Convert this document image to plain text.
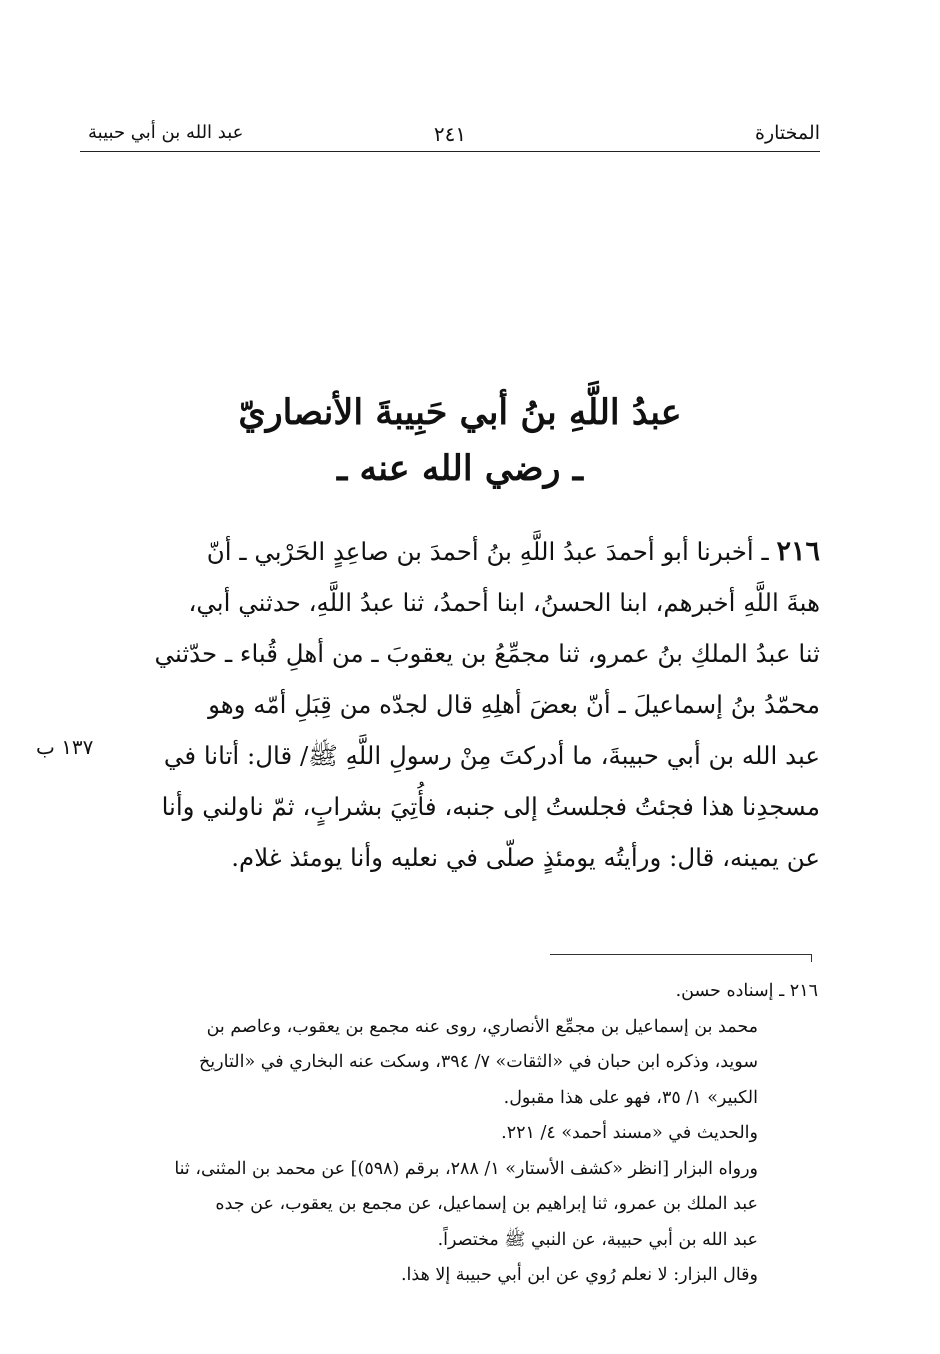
المختارة
٢٤١
عبد الله بن أبي حبيبة
عبدُ اللَّهِ بنُ أبي حَبِيبةَ الأنصاريّ
ـ رضي الله عنه ـ
٢١٦ ـ أخبرنا أبو أحمدَ عبدُ اللَّهِ بنُ أحمدَ بن صاعِدٍ الحَرْبي ـ أنّ
هبةَ اللَّهِ أخبرهم، ابنا الحسنُ، ابنا أحمدُ، ثنا عبدُ اللَّهِ، حدثني أبي،
ثنا عبدُ الملكِ بنُ عمرو، ثنا مجمِّعُ بن يعقوبَ ـ من أهلِ قُباء ـ حدّثني
محمّدُ بنُ إسماعيلَ ـ أنّ بعضَ أهلِهِ قال لجدّه من قِبَلِ أمّه وهو
عبد الله بن أبي حبيبةَ، ما أدركتَ مِنْ رسولِ اللَّهِ ﷺ/ قال: أتانا في
مسجدِنا هذا فجئتُ فجلستُ إلى جنبه، فأُتِيَ بشرابٍ، ثمّ ناولني وأنا
عن يمينه، قال: ورأيتُه يومئذٍ صلّى في نعليه وأنا يومئذ غلام.
١٣٧ ب
٢١٦ ـ إسناده حسن.
محمد بن إسماعيل بن مجمِّع الأنصاري، روى عنه مجمع بن يعقوب، وعاصم بن
سويد، وذكره ابن حبان في «الثقات» ٧/ ٣٩٤، وسكت عنه البخاري في «التاريخ
الكبير» ١/ ٣٥، فهو على هذا مقبول.
والحديث في «مسند أحمد» ٤/ ٢٢١.
ورواه البزار [انظر «كشف الأستار» ١/ ٢٨٨، برقم (٥٩٨)] عن محمد بن المثنى، ثنا
عبد الملك بن عمرو، ثنا إبراهيم بن إسماعيل، عن مجمع بن يعقوب، عن جده
عبد الله بن أبي حبيبة، عن النبي ﷺ مختصراً.
وقال البزار: لا نعلم رُوي عن ابن أبي حبيبة إلا هذا.
